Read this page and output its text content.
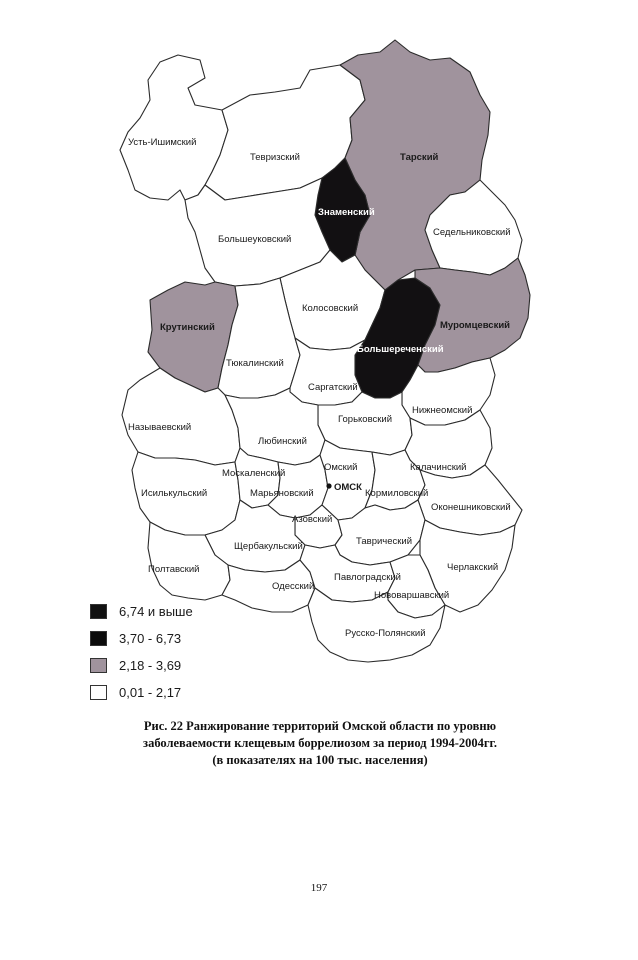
Усть-Ишимский
Тевризский	Тарский
Знаменский
Седельниковский
Большеуковский
Крутинский
Колосовский
Большереченский
Муромцевский
Тюкалинский
Саргатский
Нижнеомский
Называевский
Горьковский
Любинский
Москаленский
Омский	Калачинский
Исилькульский	Марьяновский	Кормиловский
Оконешниковский
Азовский
Щербакульский	Таврический
Черлакский
Полтавский
Одесский
Павлоградский
Нововаршавский
Русско-Полянский
ОМСК
6,74 и выше
3,70 - 6,73
2,18 - 3,69
0,01 - 2,17
Рис. 22 Ранжирование территорий Омской области по уровню
заболеваемости клещевым боррелиозом за период 1994-2004гг.
(в показателях на 100 тыс. населения)
197
